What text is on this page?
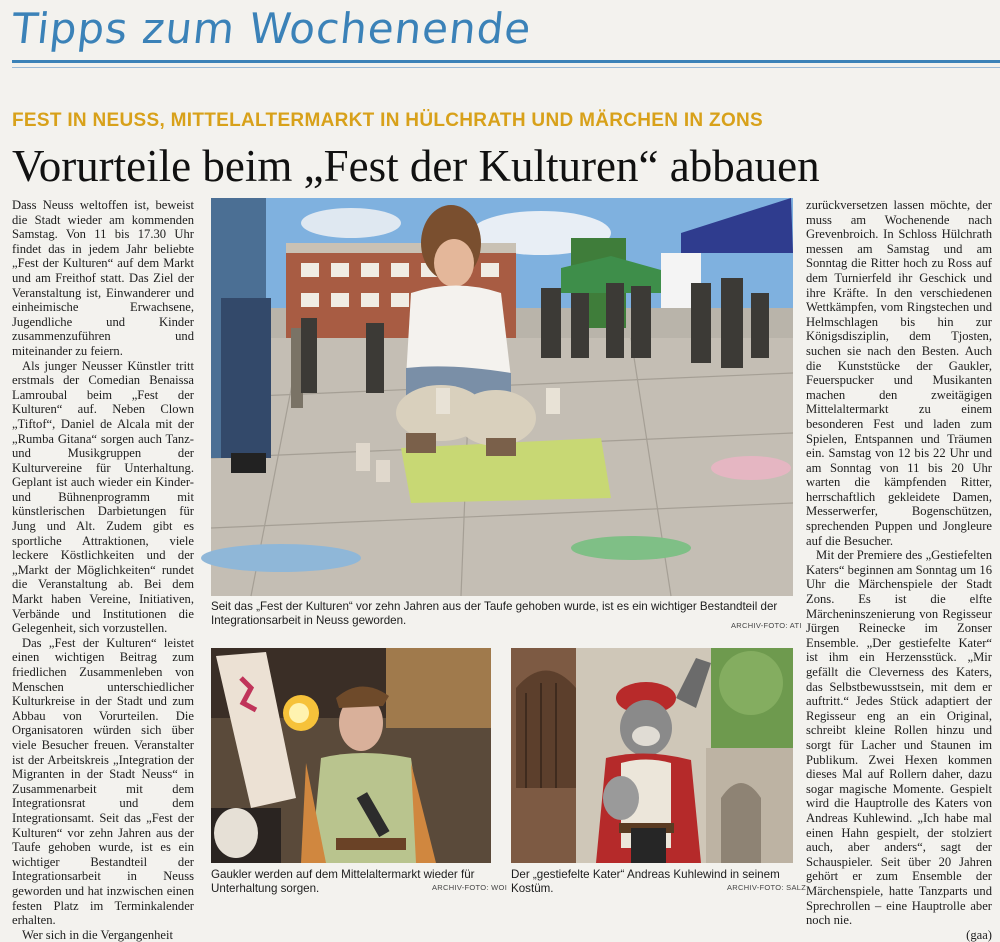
Tipps zum Wochenende
FEST IN NEUSS, MITTELALTERMARKT IN HÜLCHRATH UND MÄRCHEN IN ZONS
Vorurteile beim „Fest der Kulturen“ abbauen

Dass Neuss weltoffen ist, beweist die Stadt wieder am kommenden Samstag. Von 11 bis 17.30 Uhr findet das in jedem Jahr beliebte „Fest der Kulturen“ auf dem Markt und am Freithof statt. Das Ziel der Veranstaltung ist, Einwanderer und einheimische Erwachsene, Jugendliche und Kinder zusammenzuführen und miteinander zu feiern.

Als junger Neusser Künstler tritt erstmals der Comedian Benaissa Lamroubal beim „Fest der Kulturen“ auf. Neben Clown „Tiftof“, Daniel de Alcala mit der „Rumba Gitana“ sorgen auch Tanz- und Musikgruppen der Kulturvereine für Unterhaltung. Geplant ist auch wieder ein Kinder- und Bühnenprogramm mit künstlerischen Darbietungen für Jung und Alt. Zudem gibt es sportliche Attraktionen, viele leckere Köstlichkeiten und der „Markt der Möglichkeiten“ rundet die Veranstaltung ab. Bei dem Markt haben Vereine, Initiativen, Verbände und Institutionen die Gelegenheit, sich vorzustellen.

Das „Fest der Kulturen“ leistet einen wichtigen Beitrag zum friedlichen Zusammenleben von Menschen unterschiedlicher Kulturkreise in der Stadt und zum Abbau von Vorurteilen. Die Organisatoren würden sich über viele Besucher freuen. Veranstalter ist der Arbeitskreis „Integration der Migranten in der Stadt Neuss“ in Zusammenarbeit mit dem Integrationsrat und dem Integrationsamt. Seit das „Fest der Kulturen“ vor zehn Jahren aus der Taufe gehoben wurde, ist es ein wichtiger Bestandteil der Integrationsarbeit in Neuss geworden und hat inzwischen einen festen Platz im Terminkalender erhalten.

Wer sich in die Vergangenheit

Seit das „Fest der Kulturen“ vor zehn Jahren aus der Taufe gehoben wurde, ist es ein wichtiger Bestandteil der Integrationsarbeit in Neuss geworden.	ARCHIV-FOTO: ATI
Gaukler werden auf dem Mittelaltermarkt wieder für Unterhaltung sorgen.	ARCHIV-FOTO: WOI
Der „gestiefelte Kater“ Andreas Kuhlewind in seinem Kostüm.	ARCHIV-FOTO: SALZ

zurückversetzen lassen möchte, der muss am Wochenende nach Grevenbroich. In Schloss Hülchrath messen am Samstag und am Sonntag die Ritter hoch zu Ross auf dem Turnierfeld ihr Geschick und ihre Kräfte. In den verschiedenen Wettkämpfen, vom Ringstechen und Helmschlagen bis hin zur Königsdisziplin, dem Tjosten, suchen sie nach den Besten. Auch die Kunststücke der Gaukler, Feuerspucker und Musikanten machen den zweitägigen Mittelaltermarkt zu einem besonderen Fest und laden zum Spielen, Entspannen und Träumen ein. Samstag von 12 bis 22 Uhr und am Sonntag von 11 bis 20 Uhr warten die kämpfenden Ritter, herrschaftlich gekleidete Damen, Messerwerfer, Bogenschützen, sprechenden Puppen und Jongleure auf die Besucher.

Mit der Premiere des „Gestiefelten Katers“ beginnen am Sonntag um 16 Uhr die Märchenspiele der Stadt Zons. Es ist die elfte Märcheninszenierung von Regisseur Jürgen Reinecke im Zonser Ensemble. „Der gestiefelte Kater“ ist ihm ein Herzensstück. „Mir gefällt die Cleverness des Katers, das Selbstbewusstsein, mit dem er auftritt.“ Jedes Stück adaptiert der Regisseur eng an ein Original, schreibt kleine Rollen hinzu und sorgt für Lacher und Staunen im Publikum. Zwei Hexen kommen dieses Mal auf Rollern daher, dazu sogar magische Momente. Gespielt wird die Hauptrolle des Katers von Andreas Kuhlewind. „Ich habe mal einen Hahn gespielt, der stolziert auch, aber anders“, sagt der Schauspieler. Seit über 20 Jahren gehört er zum Ensemble der Märchenspiele, hatte Tanzparts und Sprechrollen – eine Hauptrolle aber noch nie.

(gaa)
